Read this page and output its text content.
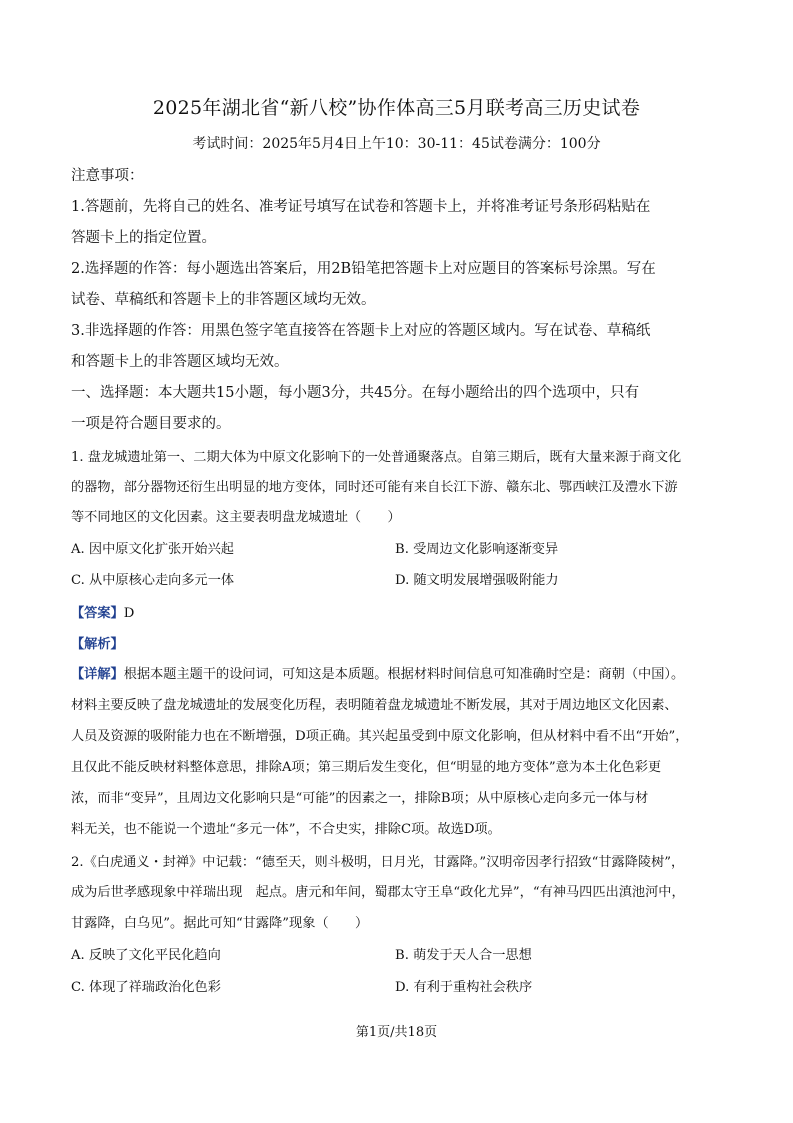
2025年湖北省“新八校”协作体高三5月联考高三历史试卷
考试时间：2025年5月4日上午10：30-11：45试卷满分：100分
注意事项：
1.答题前，先将自己的姓名、准考证号填写在试卷和答题卡上，并将准考证号条形码粘贴在
答题卡上的指定位置。
2.选择题的作答：每小题选出答案后，用2B铅笔把答题卡上对应题目的答案标号涂黑。写在
试卷、草稿纸和答题卡上的非答题区域均无效。
3.非选择题的作答：用黑色签字笔直接答在答题卡上对应的答题区域内。写在试卷、草稿纸
和答题卡上的非答题区域均无效。
一、选择题：本大题共15小题，每小题3分，共45分。在每小题给出的四个选项中，只有
一项是符合题目要求的。
1. 盘龙城遗址第一、二期大体为中原文化影响下的一处普通聚落点。自第三期后，既有大量来源于商文化
的器物，部分器物还衍生出明显的地方变体，同时还可能有来自长江下游、赣东北、鄂西峡江及澧水下游
等不同地区的文化因素。这主要表明盘龙城遗址（　　）
A. 因中原文化扩张开始兴起	B. 受周边文化影响逐渐变异
C. 从中原核心走向多元一体	D. 随文明发展增强吸附能力
【答案】D
【解析】
【详解】根据本题主题干的设问词，可知这是本质题。根据材料时间信息可知准确时空是：商朝（中国）。
材料主要反映了盘龙城遗址的发展变化历程，表明随着盘龙城遗址不断发展，其对于周边地区文化因素、
人员及资源的吸附能力也在不断增强，D项正确。其兴起虽受到中原文化影响，但从材料中看不出“开始”，
且仅此不能反映材料整体意思，排除A项；第三期后发生变化，但“明显的地方变体”意为本土化色彩更
浓，而非“变异”，且周边文化影响只是“可能”的因素之一，排除B项；从中原核心走向多元一体与材
料无关，也不能说一个遗址“多元一体”，不合史实，排除C项。故选D项。
2.《白虎通义・封禅》中记载：“德至天，则斗极明，日月光，甘露降。”汉明帝因孝行招致“甘露降陵树”，
成为后世孝感现象中祥瑞出现　起点。唐元和年间，蜀郡太守王阜“政化尤异”，“有神马四匹出滇池河中，
甘露降，白乌见”。据此可知“甘露降”现象（　　）
A. 反映了文化平民化趋向	B. 萌发于天人合一思想
C. 体现了祥瑞政治化色彩	D. 有利于重构社会秩序
第1页/共18页
